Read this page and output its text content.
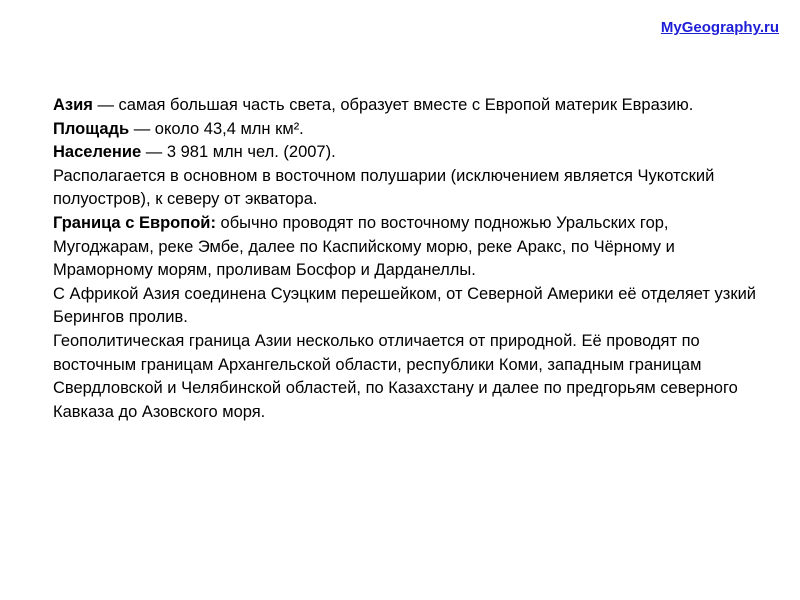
MyGeography.ru

Азия — самая большая часть света, образует вместе с Европой материк Евразию.

Площадь — около 43,4 млн км².

Население — 3 981 млн чел. (2007).

Располагается в основном в восточном полушарии (исключением является Чукотский полуостров), к северу от экватора.

Граница с Европой: обычно проводят по восточному подножью Уральских гор, Мугоджарам, реке Эмбе, далее по Каспийскому морю, реке Аракс, по Чёрному и Мраморному морям, проливам Босфор и Дарданеллы.

С Африкой Азия соединена Суэцким перешейком, от Северной Америки её отделяет узкий Берингов пролив.

Геополитическая граница Азии несколько отличается от природной. Её проводят по восточным границам Архангельской области, республики Коми, западным границам Свердловской и Челябинской областей, по Казахстану и далее по предгорьям северного Кавказа до Азовского моря.
